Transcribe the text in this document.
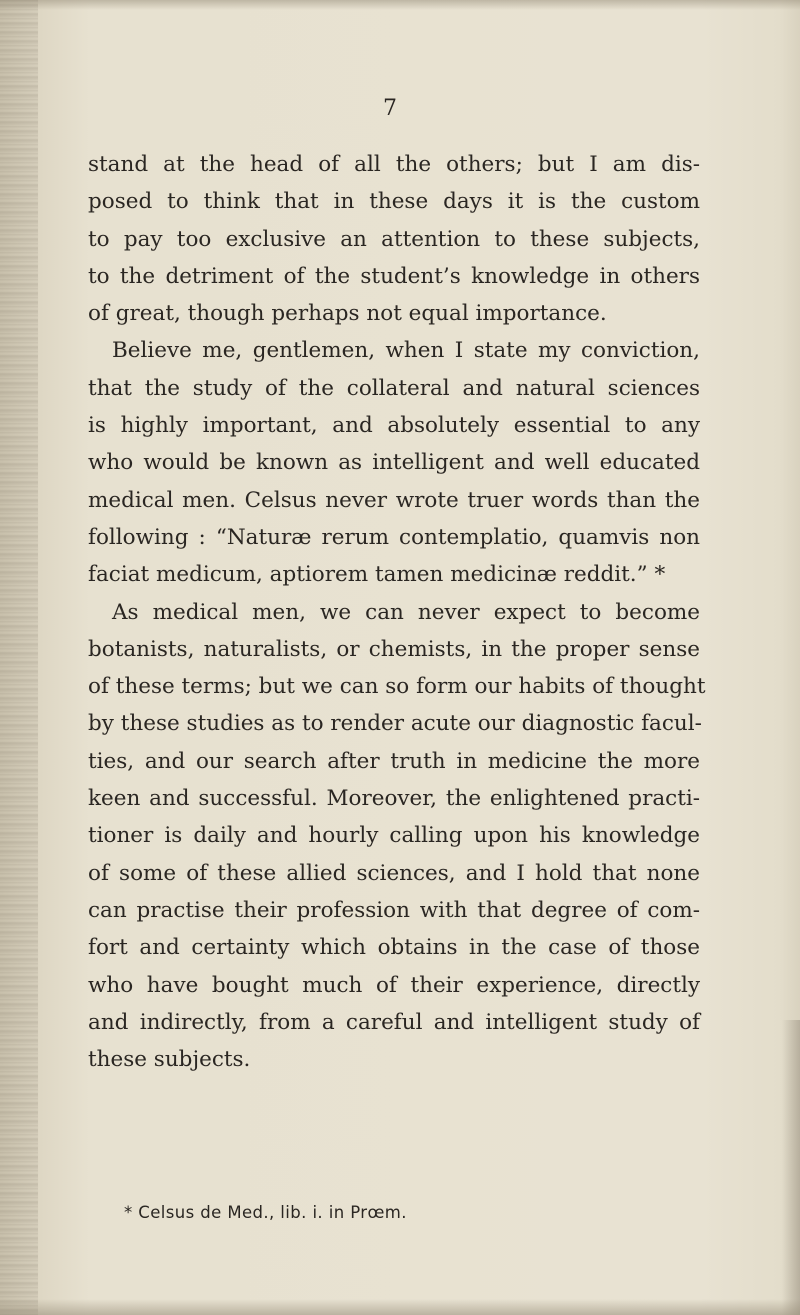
7
stand at the head of all the others; but I am dis-
posed to think that in these days it is the custom
to pay too exclusive an attention to these subjects,
to the detriment of the student’s knowledge in others
of great, though perhaps not equal importance.
Believe me, gentlemen, when I state my conviction,
that the study of the collateral and natural sciences
is highly important, and absolutely essential to any
who would be known as intelligent and well educated
medical men. Celsus never wrote truer words than the
following : “Naturæ rerum contemplatio, quamvis non
faciat medicum, aptiorem tamen medicinæ reddit.” *
As medical men, we can never expect to become
botanists, naturalists, or chemists, in the proper sense
of these terms; but we can so form our habits of thought
by these studies as to render acute our diagnostic facul-
ties, and our search after truth in medicine the more
keen and successful. Moreover, the enlightened practi-
tioner is daily and hourly calling upon his knowledge
of some of these allied sciences, and I hold that none
can practise their profession with that degree of com-
fort and certainty which obtains in the case of those
who have bought much of their experience, directly
and indirectly, from a careful and intelligent study of
these subjects.
* Celsus de Med., lib. i. in Prœm.
